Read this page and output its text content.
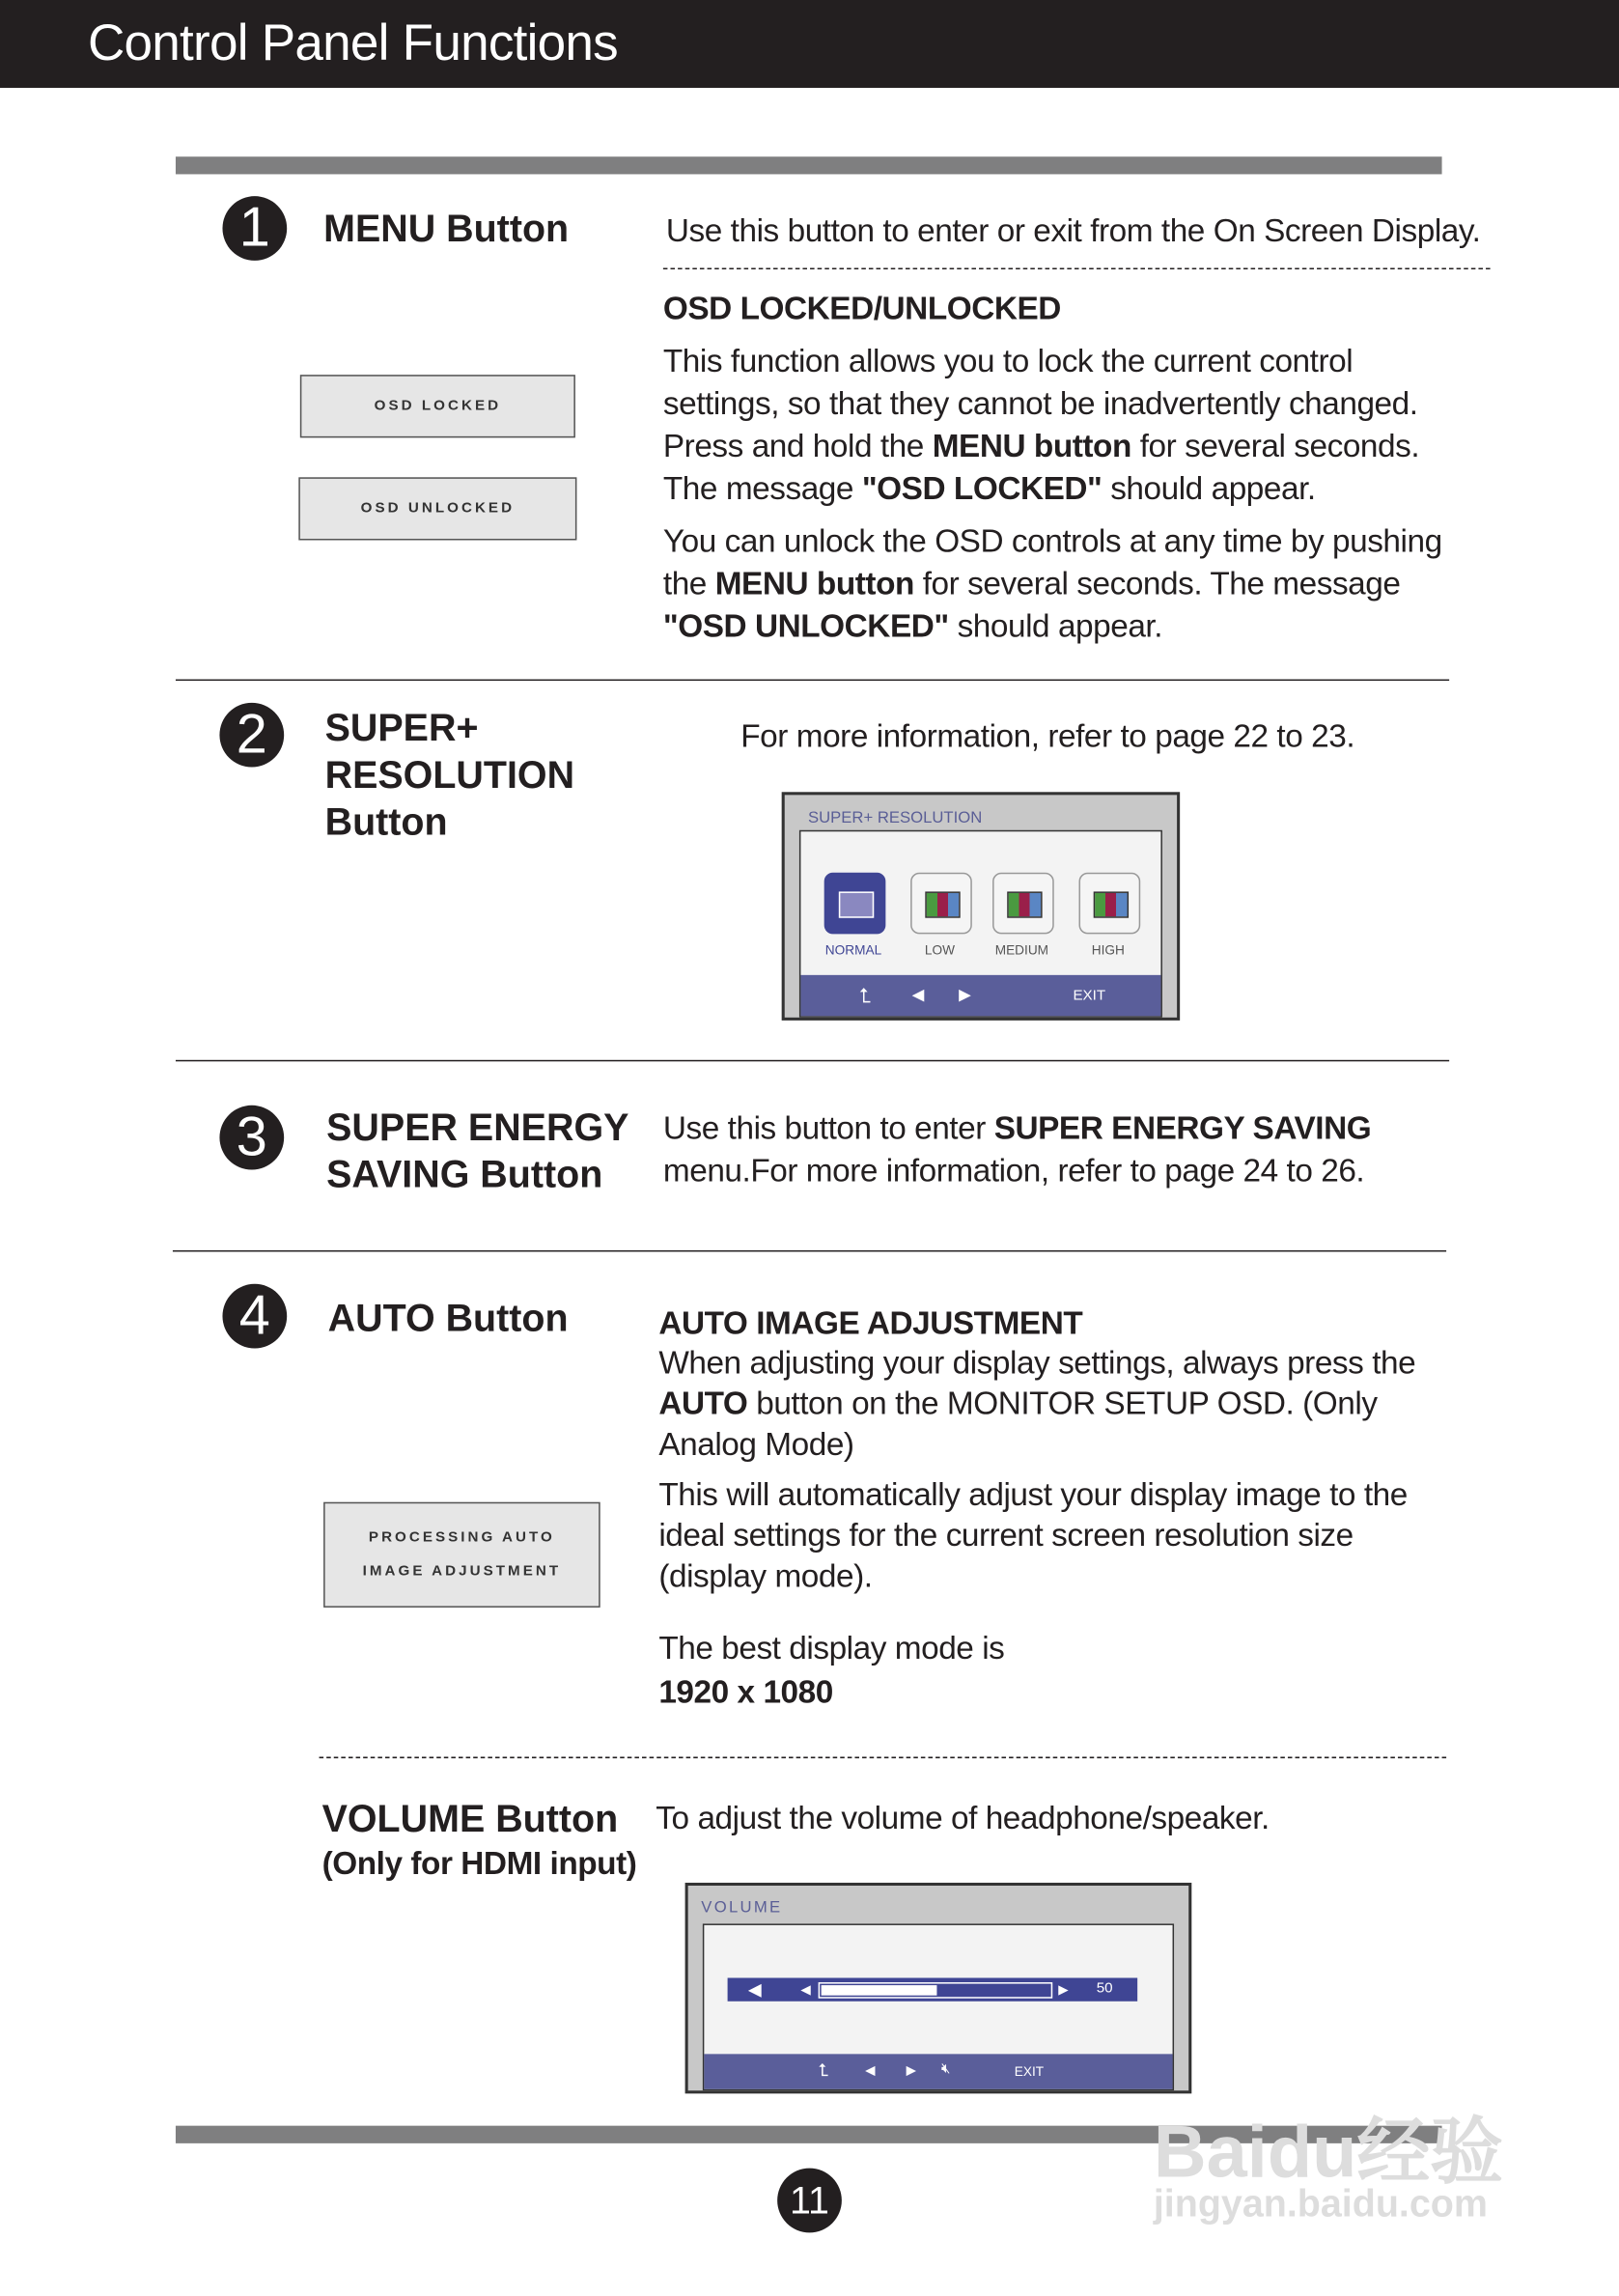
Control Panel Functions
1	MENU Button	Use this button to enter or exit from the On Screen Display.
OSD LOCKED/UNLOCKED
This function allows you to lock the current control
settings, so that they cannot be inadvertently changed.
Press and hold the MENU button for several seconds.
The message "OSD LOCKED" should appear.
You can unlock the OSD controls at any time by pushing
the MENU button for several seconds. The message
"OSD UNLOCKED" should appear.
OSD LOCKED
OSD UNLOCKED
2	SUPER+
RESOLUTION
Button
For more information, refer to page 22 to 23.
SUPER+ RESOLUTION
NORMAL	LOW	MEDIUM	HIGH
⮤	◀	▶	EXIT
3	SUPER ENERGY
SAVING Button
Use this button to enter SUPER ENERGY SAVING
menu.For more information, refer to page 24 to 26.
4	AUTO Button	AUTO IMAGE ADJUSTMENT
When adjusting your display settings, always press the
AUTO button on the MONITOR SETUP OSD. (Only
Analog Mode)
This will automatically adjust your display image to the
ideal settings for the current screen resolution size
(display mode).
The best display mode is
1920 x 1080
PROCESSING AUTO
IMAGE ADJUSTMENT
VOLUME Button
(Only for HDMI input)
To adjust the volume of headphone/speaker.
VOLUME
◀	◀	▶	50
⮤	◀	▶	🔇︎	EXIT
11
Baidu经验
jingyan.baidu.com
